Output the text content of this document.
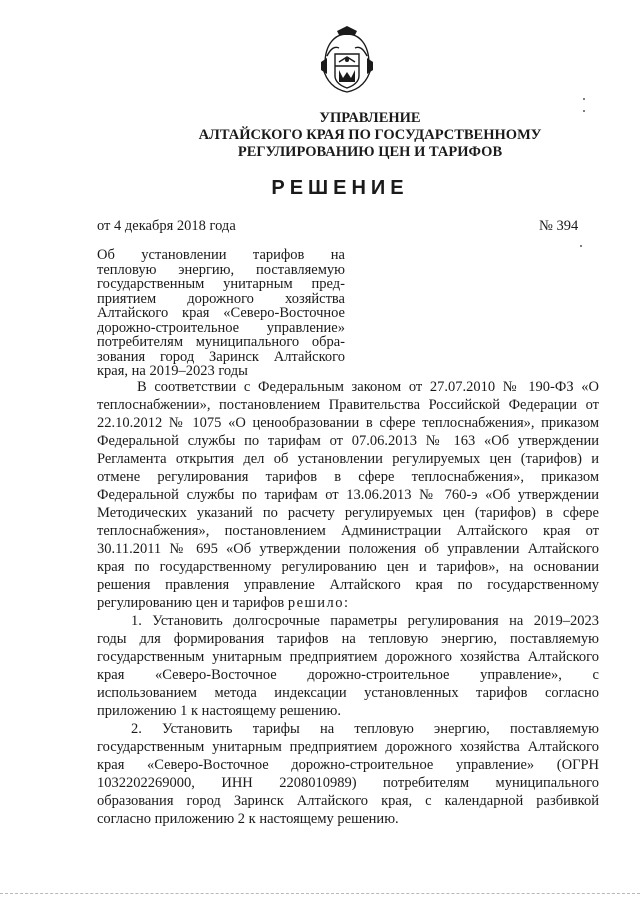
УПРАВЛЕНИЕ
АЛТАЙСКОГО КРАЯ ПО ГОСУДАРСТВЕННОМУ
РЕГУЛИРОВАНИЮ ЦЕН И ТАРИФОВ
РЕШЕНИЕ
от 4 декабря 2018 года	№ 394
Об установлении тарифов на
тепловую энергию, поставляемую
государственным унитарным пред-
приятием дорожного хозяйства
Алтайского края «Северо-Восточное
дорожно-строительное управление»
потребителям муниципального обра-
зования город Заринск Алтайского
края, на 2019–2023 годы
В соответствии с Федеральным законом от 27.07.2010 № 190-ФЗ «О
теплоснабжении», постановлением Правительства Российской Федерации от
22.10.2012 № 1075 «О ценообразовании в сфере теплоснабжения», приказом
Федеральной службы по тарифам от 07.06.2013 № 163 «Об утверждении
Регламента открытия дел об установлении регулируемых цен (тарифов) и
отмене регулирования тарифов в сфере теплоснабжения», приказом
Федеральной службы по тарифам от 13.06.2013 № 760-э «Об утверждении
Методических указаний по расчету регулируемых цен (тарифов) в сфере
теплоснабжения», постановлением Администрации Алтайского края от
30.11.2011 № 695 «Об утверждении положения об управлении Алтайского
края по государственному регулированию цен и тарифов», на основании
решения правления управление Алтайского края по государственному
регулированию цен и тарифов решило:
1. Установить долгосрочные параметры регулирования на 2019–2023
годы для формирования тарифов на тепловую энергию, поставляемую
государственным унитарным предприятием дорожного хозяйства Алтайского
края «Северо-Восточное дорожно-строительное управление», с
использованием метода индексации установленных тарифов согласно
приложению 1 к настоящему решению.
2. Установить тарифы на тепловую энергию, поставляемую
государственным унитарным предприятием дорожного хозяйства Алтайского
края «Северо-Восточное дорожно-строительное управление» (ОГРН
1032202269000, ИНН 2208010989) потребителям муниципального
образования город Заринск Алтайского края, с календарной разбивкой
согласно приложению 2 к настоящему решению.
